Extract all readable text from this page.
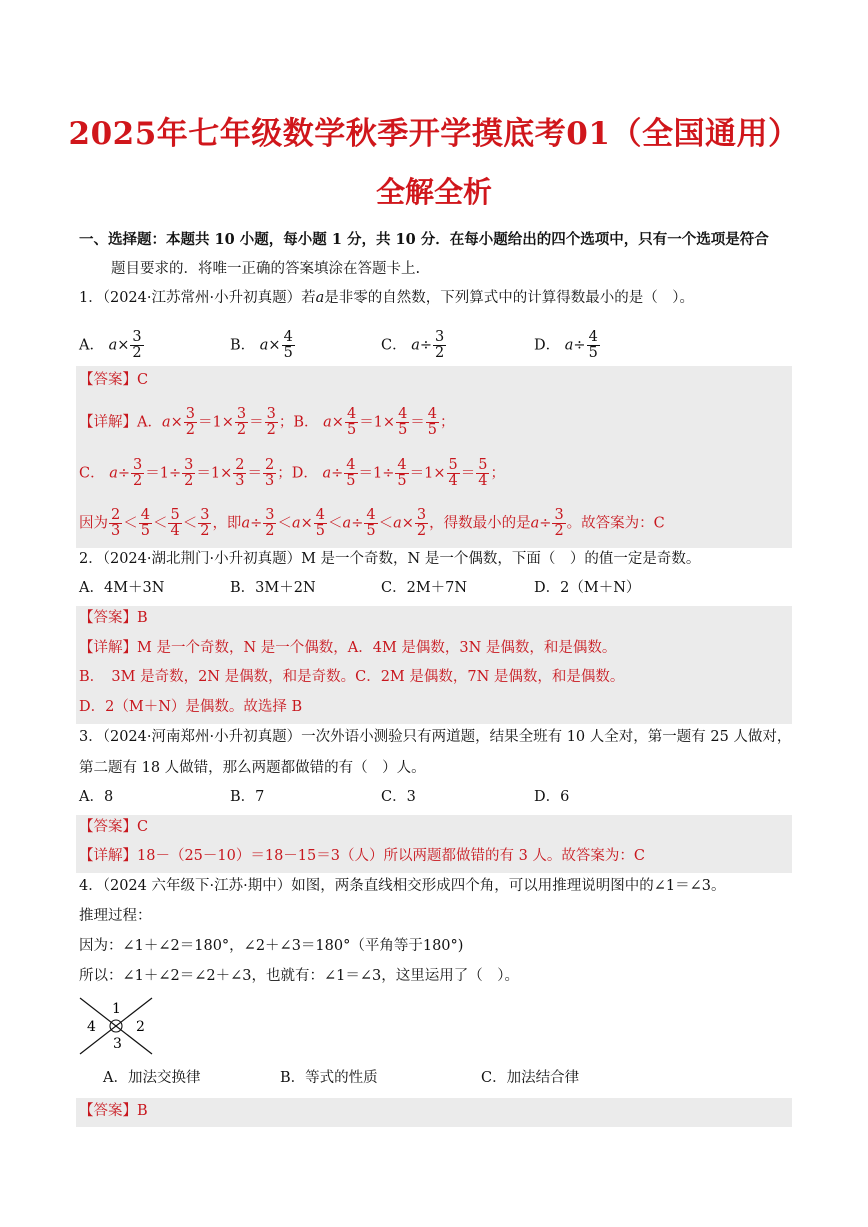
2025年七年级数学秋季开学摸底考01（全国通用）
全解全析
一、选择题：本题共 10 小题，每小题 1 分，共 10 分．在每小题给出的四个选项中，只有一个选项是符合
题目要求的．将唯一正确的答案填涂在答题卡上.
1．（2024·江苏常州·小升初真题）若a是非零的自然数，下列算式中的计算得数最小的是（　）。
A． $a\times \frac{3}{2}$	B． $a\times \frac{4}{5}$	C． $a\div \frac{3}{2}$	D． $a\div \frac{4}{5}$
【答案】C
【详解】A．$a\times \frac{3}{2} =1\times \frac{3}{2} = \frac{3}{2}$ ；B． $a\times \frac{4}{5} =1\times \frac{4}{5} = \frac{4}{5}$ ；
C． $a\div \frac{3}{2} =1\div \frac{3}{2} =1\times \frac{2}{3} = \frac{2}{3}$ ；D． $a\div \frac{4}{5} =1\div \frac{4}{5} =1\times \frac{5}{4} = \frac{5}{4}$ ；
因为 $\frac{2}{3} < \frac{4}{5} < \frac{5}{4} < \frac{3}{2}$ ，即$a\div \frac{3}{2} <a\times \frac{4}{5} <a\div \frac{4}{5} <a\times \frac{3}{2}$ ，得数最小的是$a\div \frac{3}{2}$ 。故答案为：C
2．（2024·湖北荆门·小升初真题）M 是一个奇数，N 是一个偶数，下面（　）的值一定是奇数。
A．4M＋3N	B．3M＋2N	C．2M＋7N	D．2（M＋N）
【答案】B
【详解】M 是一个奇数，N 是一个偶数，A．4M 是偶数，3N 是偶数，和是偶数。
B．　3M 是奇数，2N 是偶数，和是奇数。C．2M 是偶数，7N 是偶数，和是偶数。
D．2（M＋N）是偶数。故选择 B
3．（2024·河南郑州·小升初真题）一次外语小测验只有两道题，结果全班有 10 人全对，第一题有 25 人做对，
第二题有 18 人做错，那么两题都做错的有（　）人。
A．8	B．7	C．3	D．6
【答案】C
【详解】18－（25－10）＝18－15＝3（人）所以两题都做错的有 3 人。故答案为：C
4．（2024 六年级下·江苏·期中）如图，两条直线相交形成四个角，可以用推理说明图中的∠1＝∠3。
推理过程：
因为：∠1＋∠2＝180°，∠2＋∠3＝180°（平角等于180°)
所以：∠1＋∠2＝∠2＋∠3，也就有：∠1＝∠3，这里运用了（　）。
1
2
3
4
A．加法交换律	B．等式的性质	C．加法结合律
【答案】B
